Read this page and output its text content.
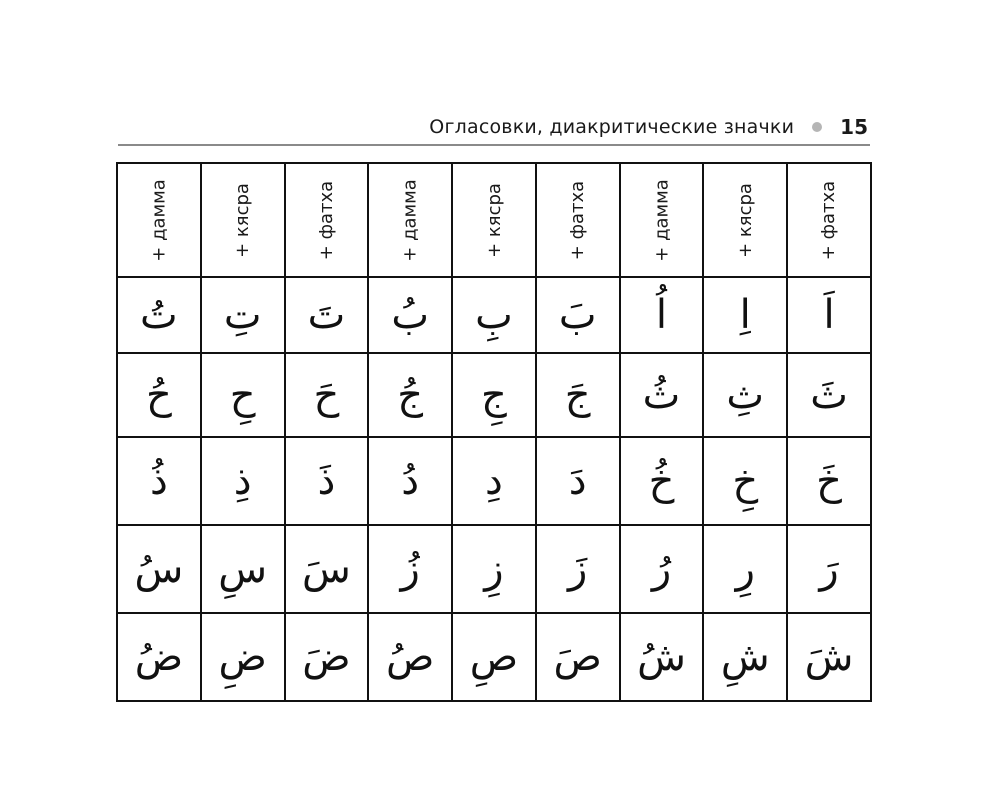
Огласовки, диакритические значки 15
+ дамма	+ кясра	+ фатха	+ дамма	+ кясра	+ фатха	+ дамма	+ кясра	+ фатха
تُ	تِ	تَ	بُ	بِ	بَ	اُ	اِ	اَ
حُ	حِ	حَ	جُ	جِ	جَ	ثُ	ثِ	ثَ
ذُ	ذِ	ذَ	دُ	دِ	دَ	خُ	خِ	خَ
سُ	سِ	سَ	زُ	زِ	زَ	رُ	رِ	رَ
ضُ	ضِ	ضَ	صُ	صِ	صَ	شُ	شِ	شَ
